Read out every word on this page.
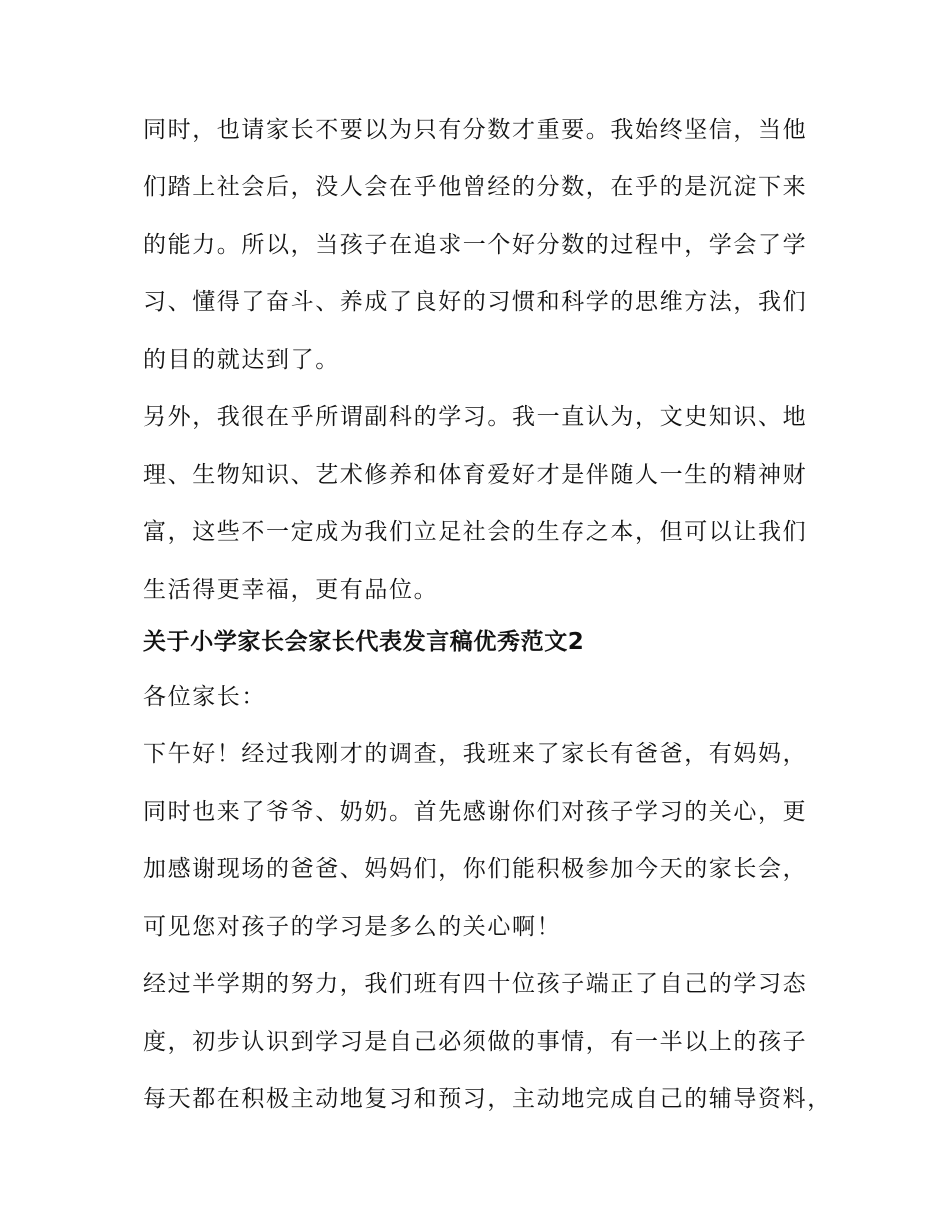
同时，也请家长不要以为只有分数才重要。我始终坚信，当他
们踏上社会后，没人会在乎他曾经的分数，在乎的是沉淀下来
的能力。所以，当孩子在追求一个好分数的过程中，学会了学
习、懂得了奋斗、养成了良好的习惯和科学的思维方法，我们
的目的就达到了。
另外，我很在乎所谓副科的学习。我一直认为，文史知识、地
理、生物知识、艺术修养和体育爱好才是伴随人一生的精神财
富，这些不一定成为我们立足社会的生存之本，但可以让我们
生活得更幸福，更有品位。
关于小学家长会家长代表发言稿优秀范文2
各位家长：
下午好！经过我刚才的调查，我班来了家长有爸爸，有妈妈，
同时也来了爷爷、奶奶。首先感谢你们对孩子学习的关心，更
加感谢现场的爸爸、妈妈们，你们能积极参加今天的家长会，
可见您对孩子的学习是多么的关心啊！
经过半学期的努力，我们班有四十位孩子端正了自己的学习态
度，初步认识到学习是自己必须做的事情，有一半以上的孩子
每天都在积极主动地复习和预习，主动地完成自己的辅导资料，
